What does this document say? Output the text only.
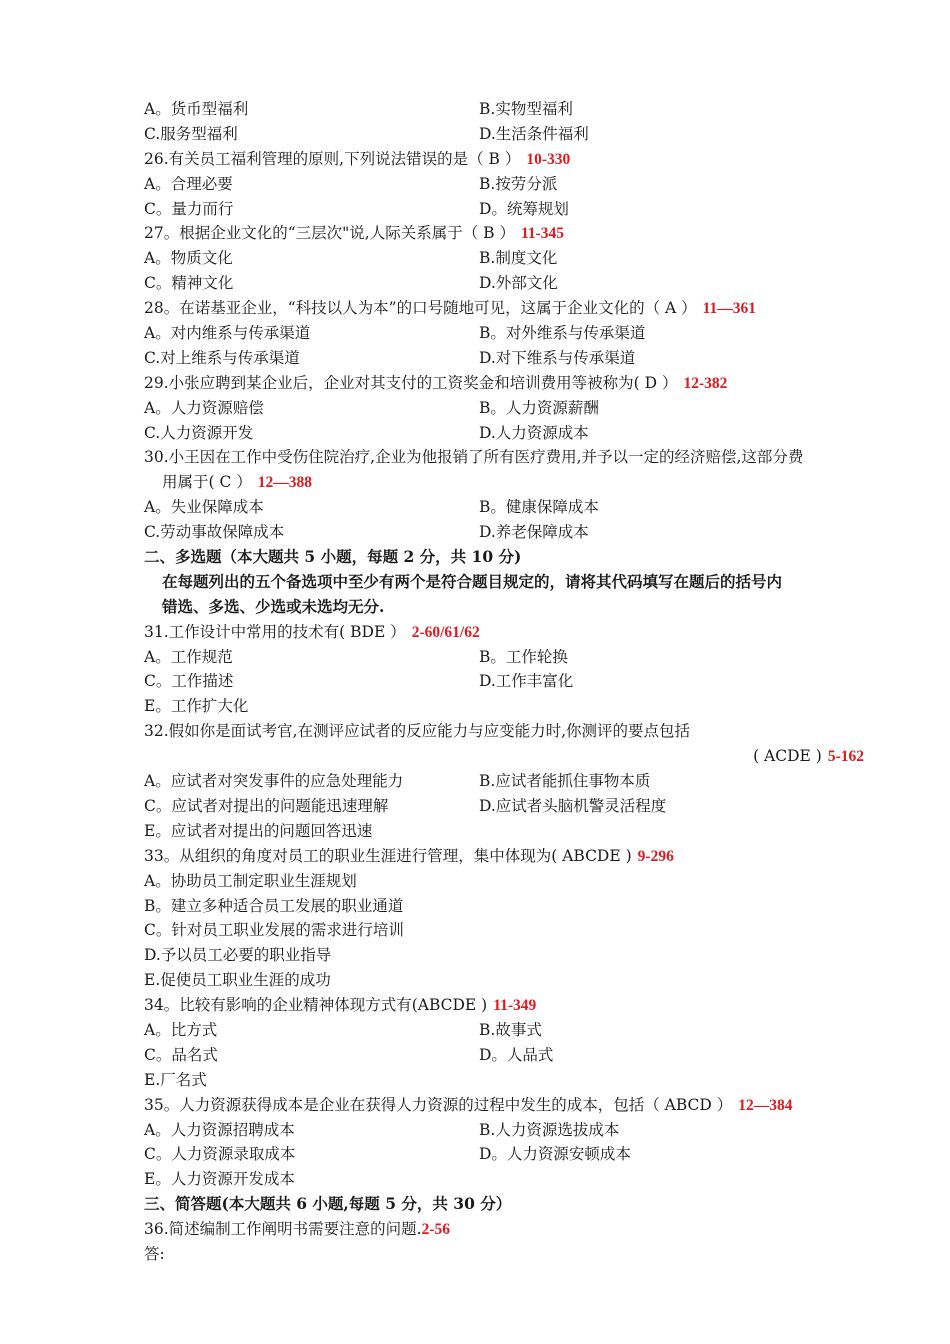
A。货币型福利	B.实物型福利
C.服务型福利	D.生活条件福利
26.有关员工福利管理的原则,下列说法错误的是（ B ） 10-330
A。合理必要	B.按劳分派
C。量力而行	D。统筹规划
27。根据企业文化的“三层次"说,人际关系属于（ B ） 11-345
A。物质文化	B.制度文化
C。精神文化	D.外部文化
28。在诺基亚企业，“科技以人为本”的口号随地可见，这属于企业文化的（ A ） 11—361
A。对内维系与传承渠道	B。对外维系与传承渠道
C.对上维系与传承渠道	D.对下维系与传承渠道
29.小张应聘到某企业后，企业对其支付的工资奖金和培训费用等被称为( D ） 12-382
A。人力资源赔偿	B。人力资源薪酬
C.人力资源开发	D.人力资源成本
30.小王因在工作中受伤住院治疗,企业为他报销了所有医疗费用,并予以一定的经济赔偿,这部分费
用属于( C ） 12—388
A。失业保障成本	B。健康保障成本
C.劳动事故保障成本	D.养老保障成本
二、多选题（本大题共 5 小题，每题 2 分，共 10 分)
在每题列出的五个备选项中至少有两个是符合题目规定的，请将其代码填写在题后的括号内
错选、多选、少选或未选均无分.
31.工作设计中常用的技术有( BDE ） 2-60/61/62
A。工作规范	B。工作轮换
C。工作描述	D.工作丰富化
E。工作扩大化
32.假如你是面试考官,在测评应试者的反应能力与应变能力时,你测评的要点包括
( ACDE ) 5-162
A。应试者对突发事件的应急处理能力	B.应试者能抓住事物本质
C。应试者对提出的问题能迅速理解	D.应试者头脑机警灵活程度
E。应试者对提出的问题回答迅速
33。从组织的角度对员工的职业生涯进行管理，集中体现为( ABCDE ) 9-296
A。协助员工制定职业生涯规划
B。建立多种适合员工发展的职业通道
C。针对员工职业发展的需求进行培训
D.予以员工必要的职业指导
E.促使员工职业生涯的成功
34。比较有影响的企业精神体现方式有(ABCDE ) 11-349
A。比方式	B.故事式
C。品名式	D。人品式
E.厂名式
35。人力资源获得成本是企业在获得人力资源的过程中发生的成本，包括（ ABCD ） 12—384
A。人力资源招聘成本	B.人力资源选拔成本
C。人力资源录取成本	D。人力资源安顿成本
E。人力资源开发成本
三、简答题(本大题共 6 小题,每题 5 分，共 30 分）
36.简述编制工作阐明书需要注意的问题.2-56
答:
